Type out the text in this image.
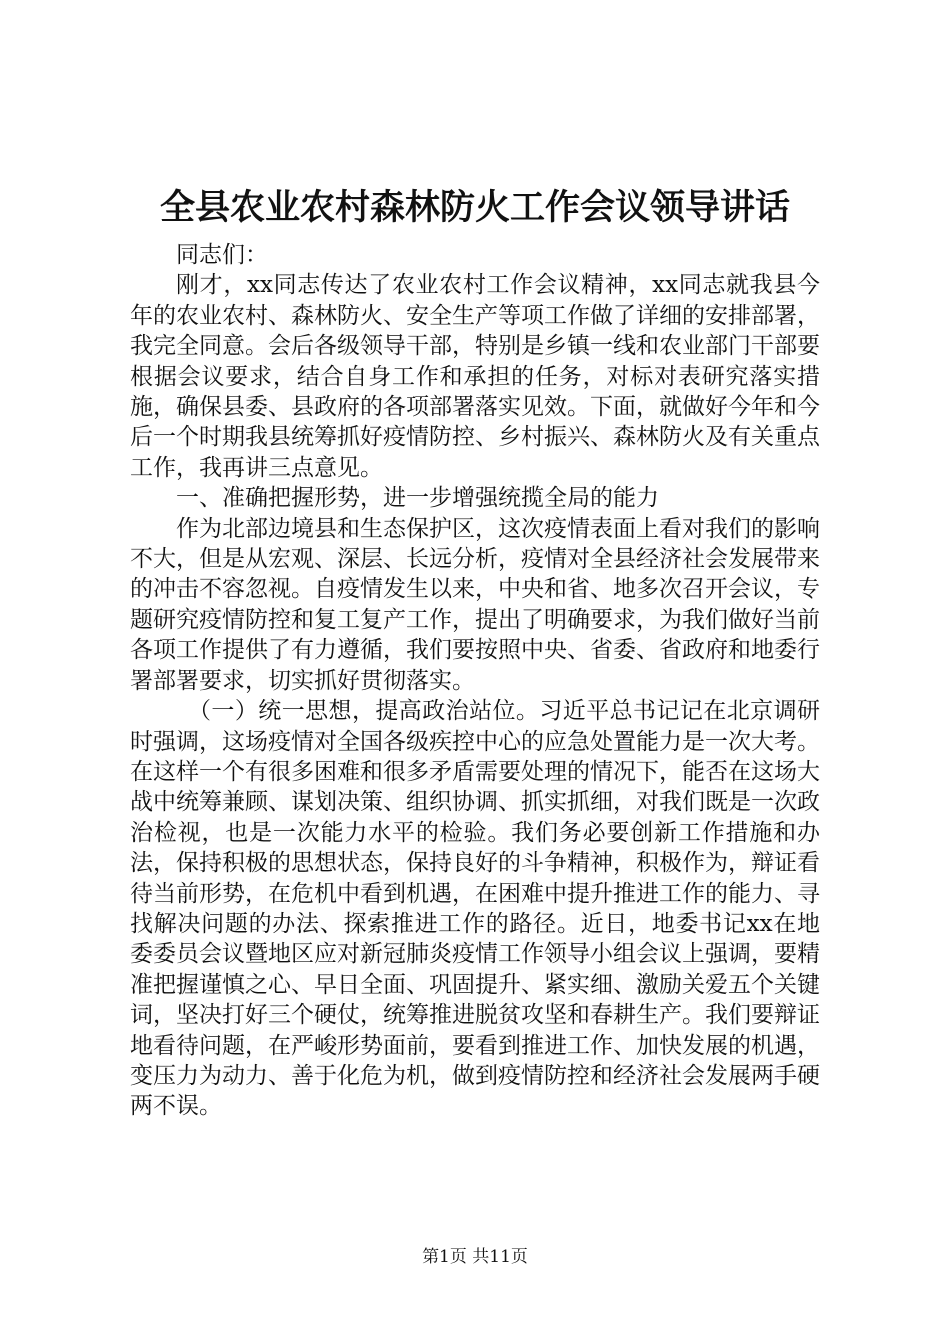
全县农业农村森林防火工作会议领导讲话

同志们：

刚才，xx同志传达了农业农村工作会议精神，xx同志就我县今年的农业农村、森林防火、安全生产等项工作做了详细的安排部署，我完全同意。会后各级领导干部，特别是乡镇一线和农业部门干部要根据会议要求，结合自身工作和承担的任务，对标对表研究落实措施，确保县委、县政府的各项部署落实见效。下面，就做好今年和今后一个时期我县统筹抓好疫情防控、乡村振兴、森林防火及有关重点工作，我再讲三点意见。

一、准确把握形势，进一步增强统揽全局的能力

作为北部边境县和生态保护区，这次疫情表面上看对我们的影响不大，但是从宏观、深层、长远分析，疫情对全县经济社会发展带来的冲击不容忽视。自疫情发生以来，中央和省、地多次召开会议，专题研究疫情防控和复工复产工作，提出了明确要求，为我们做好当前各项工作提供了有力遵循，我们要按照中央、省委、省政府和地委行署部署要求，切实抓好贯彻落实。

（一）统一思想，提高政治站位。习近平总书记记在北京调研时强调，这场疫情对全国各级疾控中心的应急处置能力是一次大考。在这样一个有很多困难和很多矛盾需要处理的情况下，能否在这场大战中统筹兼顾、谋划决策、组织协调、抓实抓细，对我们既是一次政治检视，也是一次能力水平的检验。我们务必要创新工作措施和办法，保持积极的思想状态，保持良好的斗争精神，积极作为，辩证看待当前形势，在危机中看到机遇，在困难中提升推进工作的能力、寻找解决问题的办法、探索推进工作的路径。近日，地委书记xx在地委委员会议暨地区应对新冠肺炎疫情工作领导小组会议上强调，要精准把握谨慎之心、早日全面、巩固提升、紧实细、激励关爱五个关键词，坚决打好三个硬仗，统筹推进脱贫攻坚和春耕生产。我们要辩证地看待问题，在严峻形势面前，要看到推进工作、加快发展的机遇，变压力为动力、善于化危为机，做到疫情防控和经济社会发展两手硬两不误。

第1页 共11页
